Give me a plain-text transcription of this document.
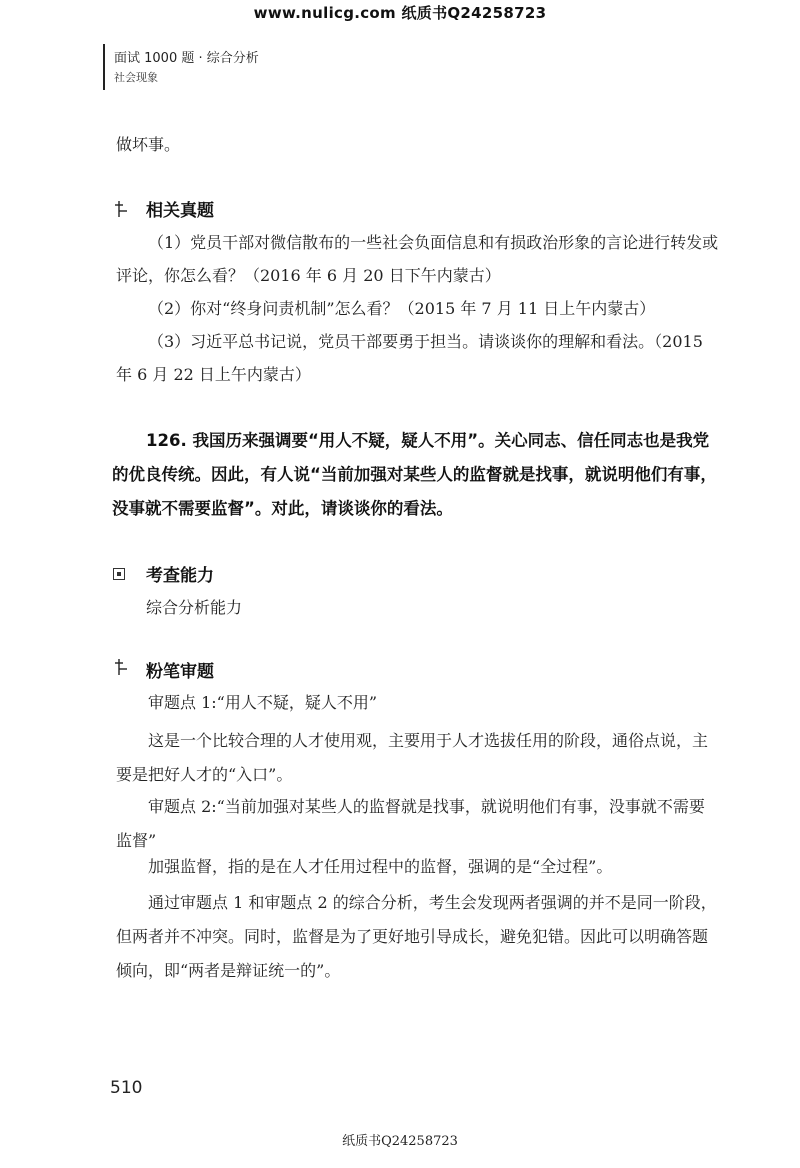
www.nulicg.com 纸质书Q24258723
面试 1000 题 · 综合分析
社会现象
做坏事。
相关真题
（1）党员干部对微信散布的一些社会负面信息和有损政治形象的言论进行转发或评论，你怎么看？（2016 年 6 月 20 日下午内蒙古）
（2）你对“终身问责机制”怎么看？（2015 年 7 月 11 日上午内蒙古）
（3）习近平总书记说，党员干部要勇于担当。请谈谈你的理解和看法。（2015 年 6 月 22 日上午内蒙古）
126. 我国历来强调要“用人不疑，疑人不用”。关心同志、信任同志也是我党的优良传统。因此，有人说“当前加强对某些人的监督就是找事，就说明他们有事，没事就不需要监督”。对此，请谈谈你的看法。
考查能力
综合分析能力
粉笔审题
审题点 1:“用人不疑，疑人不用”
这是一个比较合理的人才使用观，主要用于人才选拔任用的阶段，通俗点说，主要是把好人才的“入口”。
审题点 2:“当前加强对某些人的监督就是找事，就说明他们有事，没事就不需要监督”
加强监督，指的是在人才任用过程中的监督，强调的是“全过程”。
通过审题点 1 和审题点 2 的综合分析，考生会发现两者强调的并不是同一阶段，但两者并不冲突。同时，监督是为了更好地引导成长，避免犯错。因此可以明确答题倾向，即“两者是辩证统一的”。
510
纸质书Q24258723
